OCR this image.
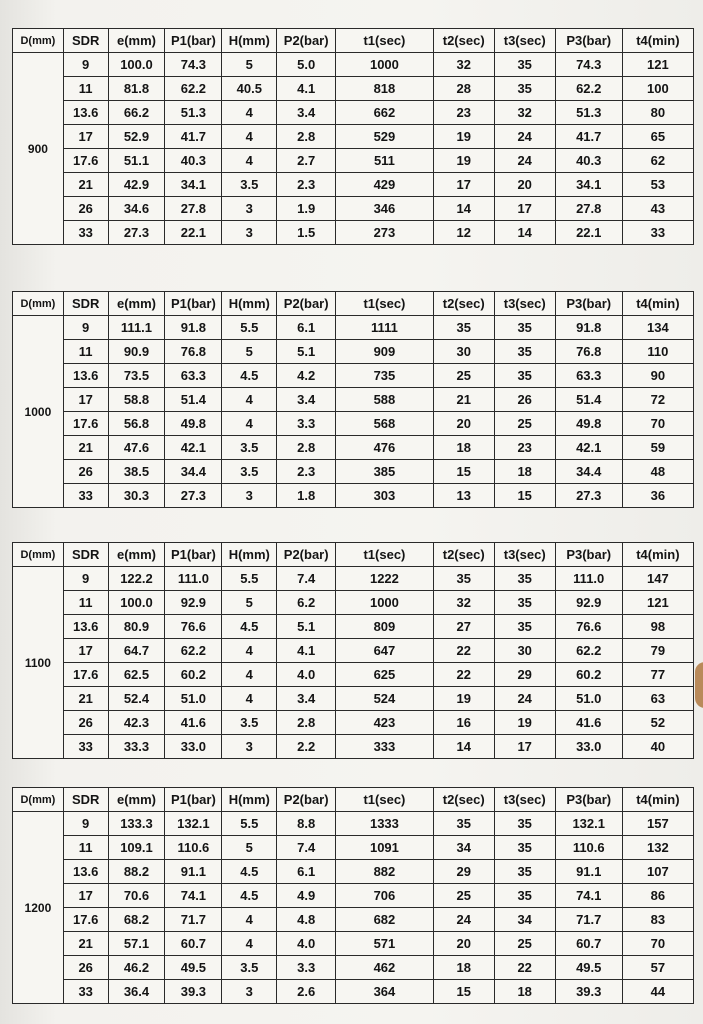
D(mm)	SDR	e(mm)	P1(bar)	H(mm)	P2(bar)	t1(sec)	t2(sec)	t3(sec)	P3(bar)	t4(min)
900	9	100.0	74.3	5	5.0	1000	32	35	74.3	121
	11	81.8	62.2	40.5	4.1	818	28	35	62.2	100
	13.6	66.2	51.3	4	3.4	662	23	32	51.3	80
	17	52.9	41.7	4	2.8	529	19	24	41.7	65
	17.6	51.1	40.3	4	2.7	511	19	24	40.3	62
	21	42.9	34.1	3.5	2.3	429	17	20	34.1	53
	26	34.6	27.8	3	1.9	346	14	17	27.8	43
	33	27.3	22.1	3	1.5	273	12	14	22.1	33
D(mm)	SDR	e(mm)	P1(bar)	H(mm)	P2(bar)	t1(sec)	t2(sec)	t3(sec)	P3(bar)	t4(min)
1000	9	111.1	91.8	5.5	6.1	1111	35	35	91.8	134
	11	90.9	76.8	5	5.1	909	30	35	76.8	110
	13.6	73.5	63.3	4.5	4.2	735	25	35	63.3	90
	17	58.8	51.4	4	3.4	588	21	26	51.4	72
	17.6	56.8	49.8	4	3.3	568	20	25	49.8	70
	21	47.6	42.1	3.5	2.8	476	18	23	42.1	59
	26	38.5	34.4	3.5	2.3	385	15	18	34.4	48
	33	30.3	27.3	3	1.8	303	13	15	27.3	36
D(mm)	SDR	e(mm)	P1(bar)	H(mm)	P2(bar)	t1(sec)	t2(sec)	t3(sec)	P3(bar)	t4(min)
1100	9	122.2	111.0	5.5	7.4	1222	35	35	111.0	147
	11	100.0	92.9	5	6.2	1000	32	35	92.9	121
	13.6	80.9	76.6	4.5	5.1	809	27	35	76.6	98
	17	64.7	62.2	4	4.1	647	22	30	62.2	79
	17.6	62.5	60.2	4	4.0	625	22	29	60.2	77
	21	52.4	51.0	4	3.4	524	19	24	51.0	63
	26	42.3	41.6	3.5	2.8	423	16	19	41.6	52
	33	33.3	33.0	3	2.2	333	14	17	33.0	40
D(mm)	SDR	e(mm)	P1(bar)	H(mm)	P2(bar)	t1(sec)	t2(sec)	t3(sec)	P3(bar)	t4(min)
1200	9	133.3	132.1	5.5	8.8	1333	35	35	132.1	157
	11	109.1	110.6	5	7.4	1091	34	35	110.6	132
	13.6	88.2	91.1	4.5	6.1	882	29	35	91.1	107
	17	70.6	74.1	4.5	4.9	706	25	35	74.1	86
	17.6	68.2	71.7	4	4.8	682	24	34	71.7	83
	21	57.1	60.7	4	4.0	571	20	25	60.7	70
	26	46.2	49.5	3.5	3.3	462	18	22	49.5	57
	33	36.4	39.3	3	2.6	364	15	18	39.3	44
